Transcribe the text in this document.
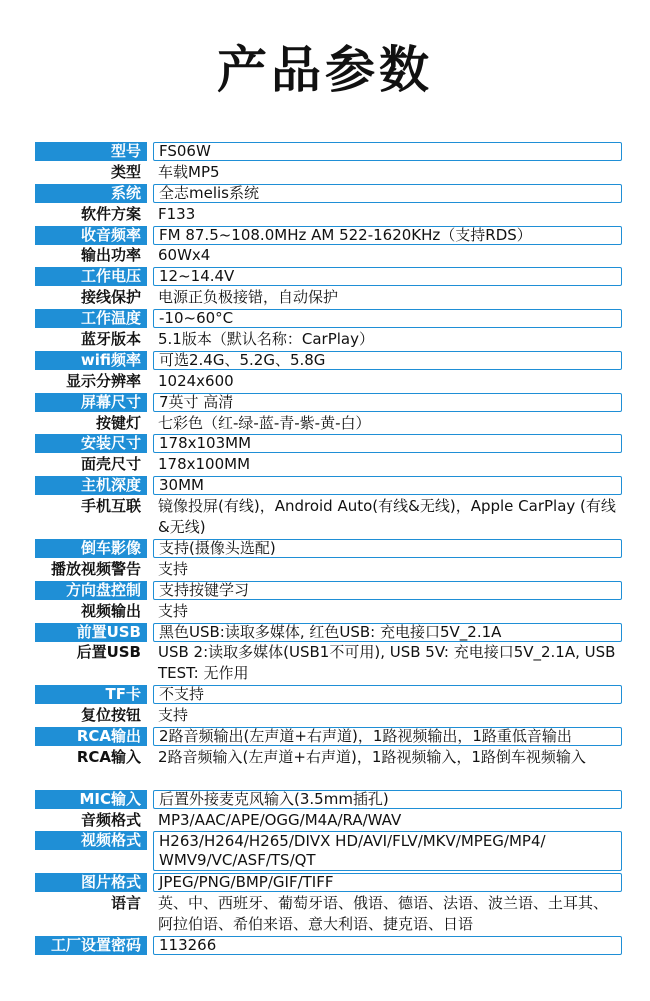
产品参数
型号	FS06W
类型	车载MP5
系统	全志melis系统
软件方案	F133
收音频率	FM 87.5~108.0MHz AM 522-1620KHz（支持RDS）
输出功率	60Wx4
工作电压	12~14.4V
接线保护	电源正负极接错，自动保护
工作温度	-10~60°C
蓝牙版本	5.1版本（默认名称：CarPlay）
wifi频率	可选2.4G、5.2G、5.8G
显示分辨率	1024x600
屏幕尺寸	7英寸 高清
按键灯	七彩色（红-绿-蓝-青-紫-黄-白）
安装尺寸	178x103MM
面壳尺寸	178x100MM
主机深度	30MM
手机互联	镜像投屏(有线)，Android Auto(有线&无线)，Apple CarPlay (有线&无线)
倒车影像	支持(摄像头选配)
播放视频警告	支持
方向盘控制	支持按键学习
视频输出	支持
前置USB	黑色USB:读取多媒体, 红色USB: 充电接口5V_2.1A
后置USB	USB 2:读取多媒体(USB1不可用), USB 5V: 充电接口5V_2.1A, USB TEST: 无作用
TF卡	不支持
复位按钮	支持
RCA输出	2路音频输出(左声道+右声道)，1路视频输出，1路重低音输出
RCA输入	2路音频输入(左声道+右声道)，1路视频输入，1路倒车视频输入
MIC输入	后置外接麦克风输入(3.5mm插孔)
音频格式	MP3/AAC/APE/OGG/M4A/RA/WAV
视频格式	H263/H264/H265/DIVX HD/AVI/FLV/MKV/MPEG/MP4/ WMV9/VC/ASF/TS/QT
图片格式	JPEG/PNG/BMP/GIF/TIFF
语言	英、中、西班牙、葡萄牙语、俄语、德语、法语、波兰语、土耳其、阿拉伯语、希伯来语、意大利语、捷克语、日语
工厂设置密码	113266
